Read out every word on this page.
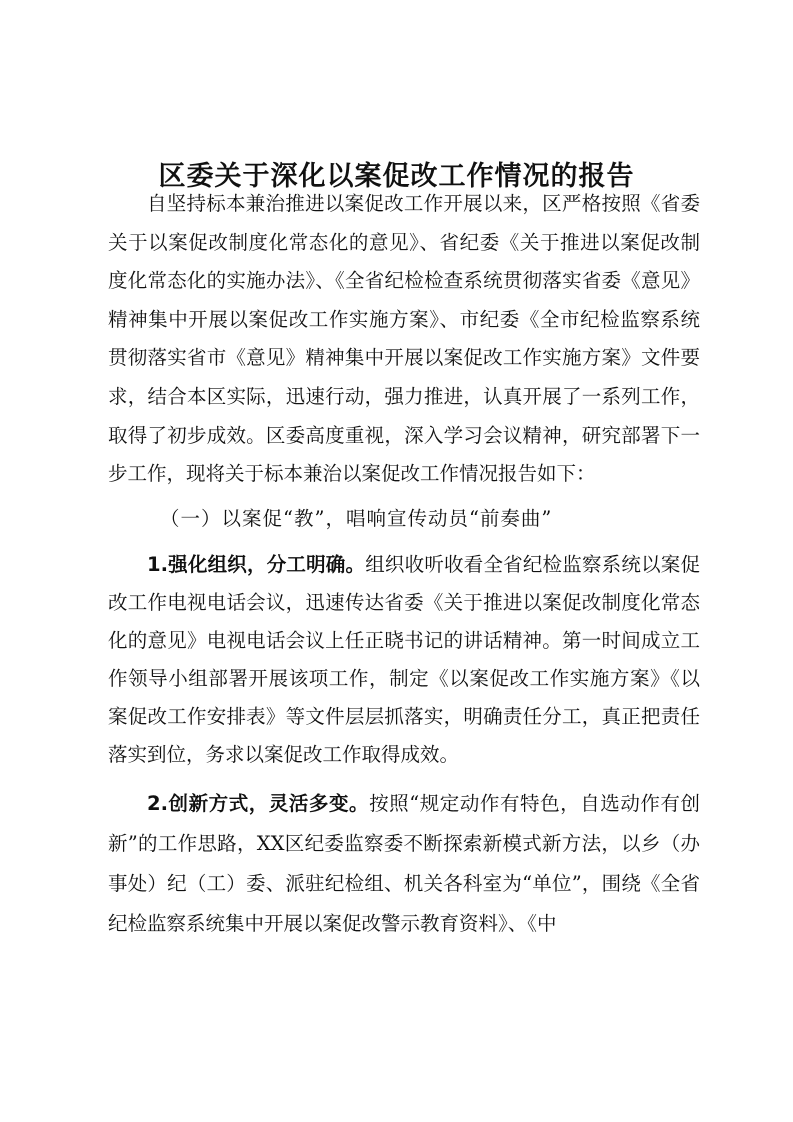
区委关于深化以案促改工作情况的报告

自坚持标本兼治推进以案促改工作开展以来，区严格按照《省委关于以案促改制度化常态化的意见》、省纪委《关于推进以案促改制度化常态化的实施办法》、《全省纪检检查系统贯彻落实省委《意见》精神集中开展以案促改工作实施方案》、市纪委《全市纪检监察系统贯彻落实省市《意见》精神集中开展以案促改工作实施方案》文件要求，结合本区实际，迅速行动，强力推进，认真开展了一系列工作，取得了初步成效。区委高度重视，深入学习会议精神，研究部署下一步工作，现将关于标本兼治以案促改工作情况报告如下：

（一）以案促“教”，唱响宣传动员“前奏曲”

1.强化组织，分工明确。组织收听收看全省纪检监察系统以案促改工作电视电话会议，迅速传达省委《关于推进以案促改制度化常态化的意见》电视电话会议上任正晓书记的讲话精神。第一时间成立工作领导小组部署开展该项工作，制定《以案促改工作实施方案》《以案促改工作安排表》等文件层层抓落实，明确责任分工，真正把责任落实到位，务求以案促改工作取得成效。

2.创新方式，灵活多变。按照“规定动作有特色，自选动作有创新”的工作思路，XX区纪委监察委不断探索新模式新方法，以乡（办事处）纪（工）委、派驻纪检组、机关各科室为“单位”，围绕《全省纪检监察系统集中开展以案促改警示教育资料》、《中
